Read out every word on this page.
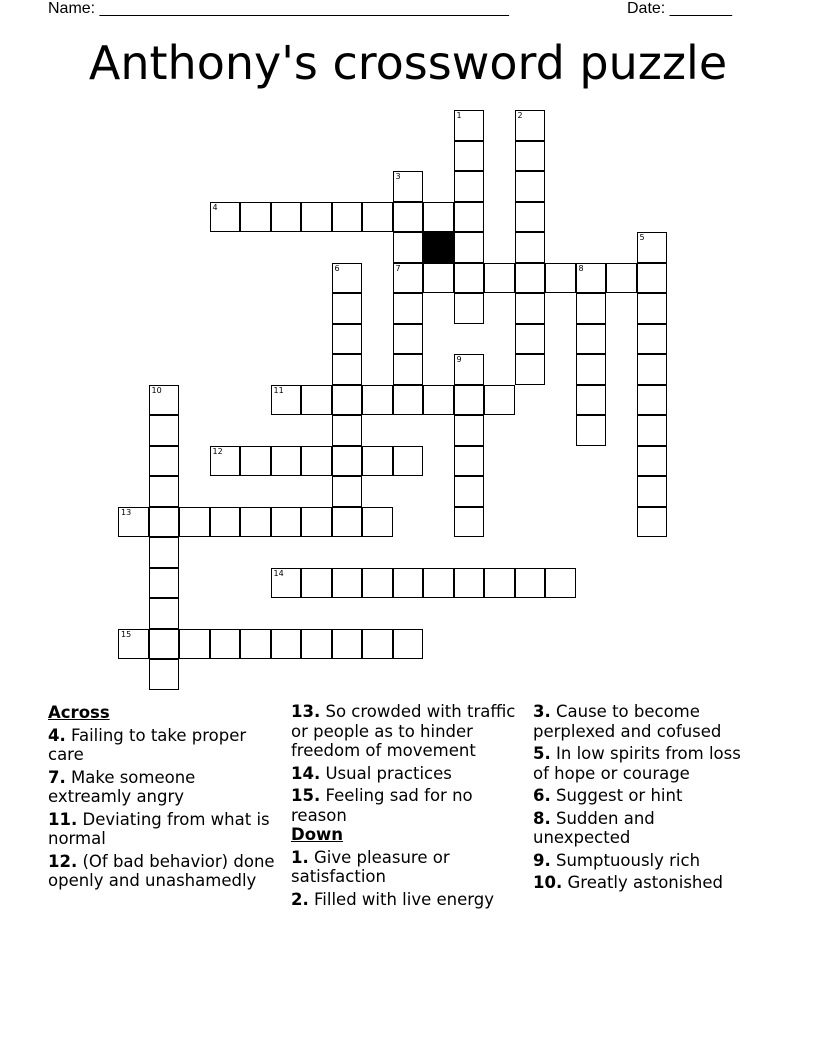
Name: ______________________________________________	Date: _______
Anthony's crossword puzzle
1	2
3
7
4
5
6	8
9
10	11
12
13
14
15
Across
4. Failing to take proper care
7. Make someone extreamly angry
11. Deviating from what is normal
12. (Of bad behavior) done openly and unashamedly
13. So crowded with traffic or people as to hinder freedom of movement
14. Usual practices
15. Feeling sad for no reason
Down
1. Give pleasure or satisfaction
2. Filled with live energy
3. Cause to become perplexed and cofused
5. In low spirits from loss of hope or courage
6. Suggest or hint
8. Sudden and unexpected
9. Sumptuously rich
10. Greatly astonished
